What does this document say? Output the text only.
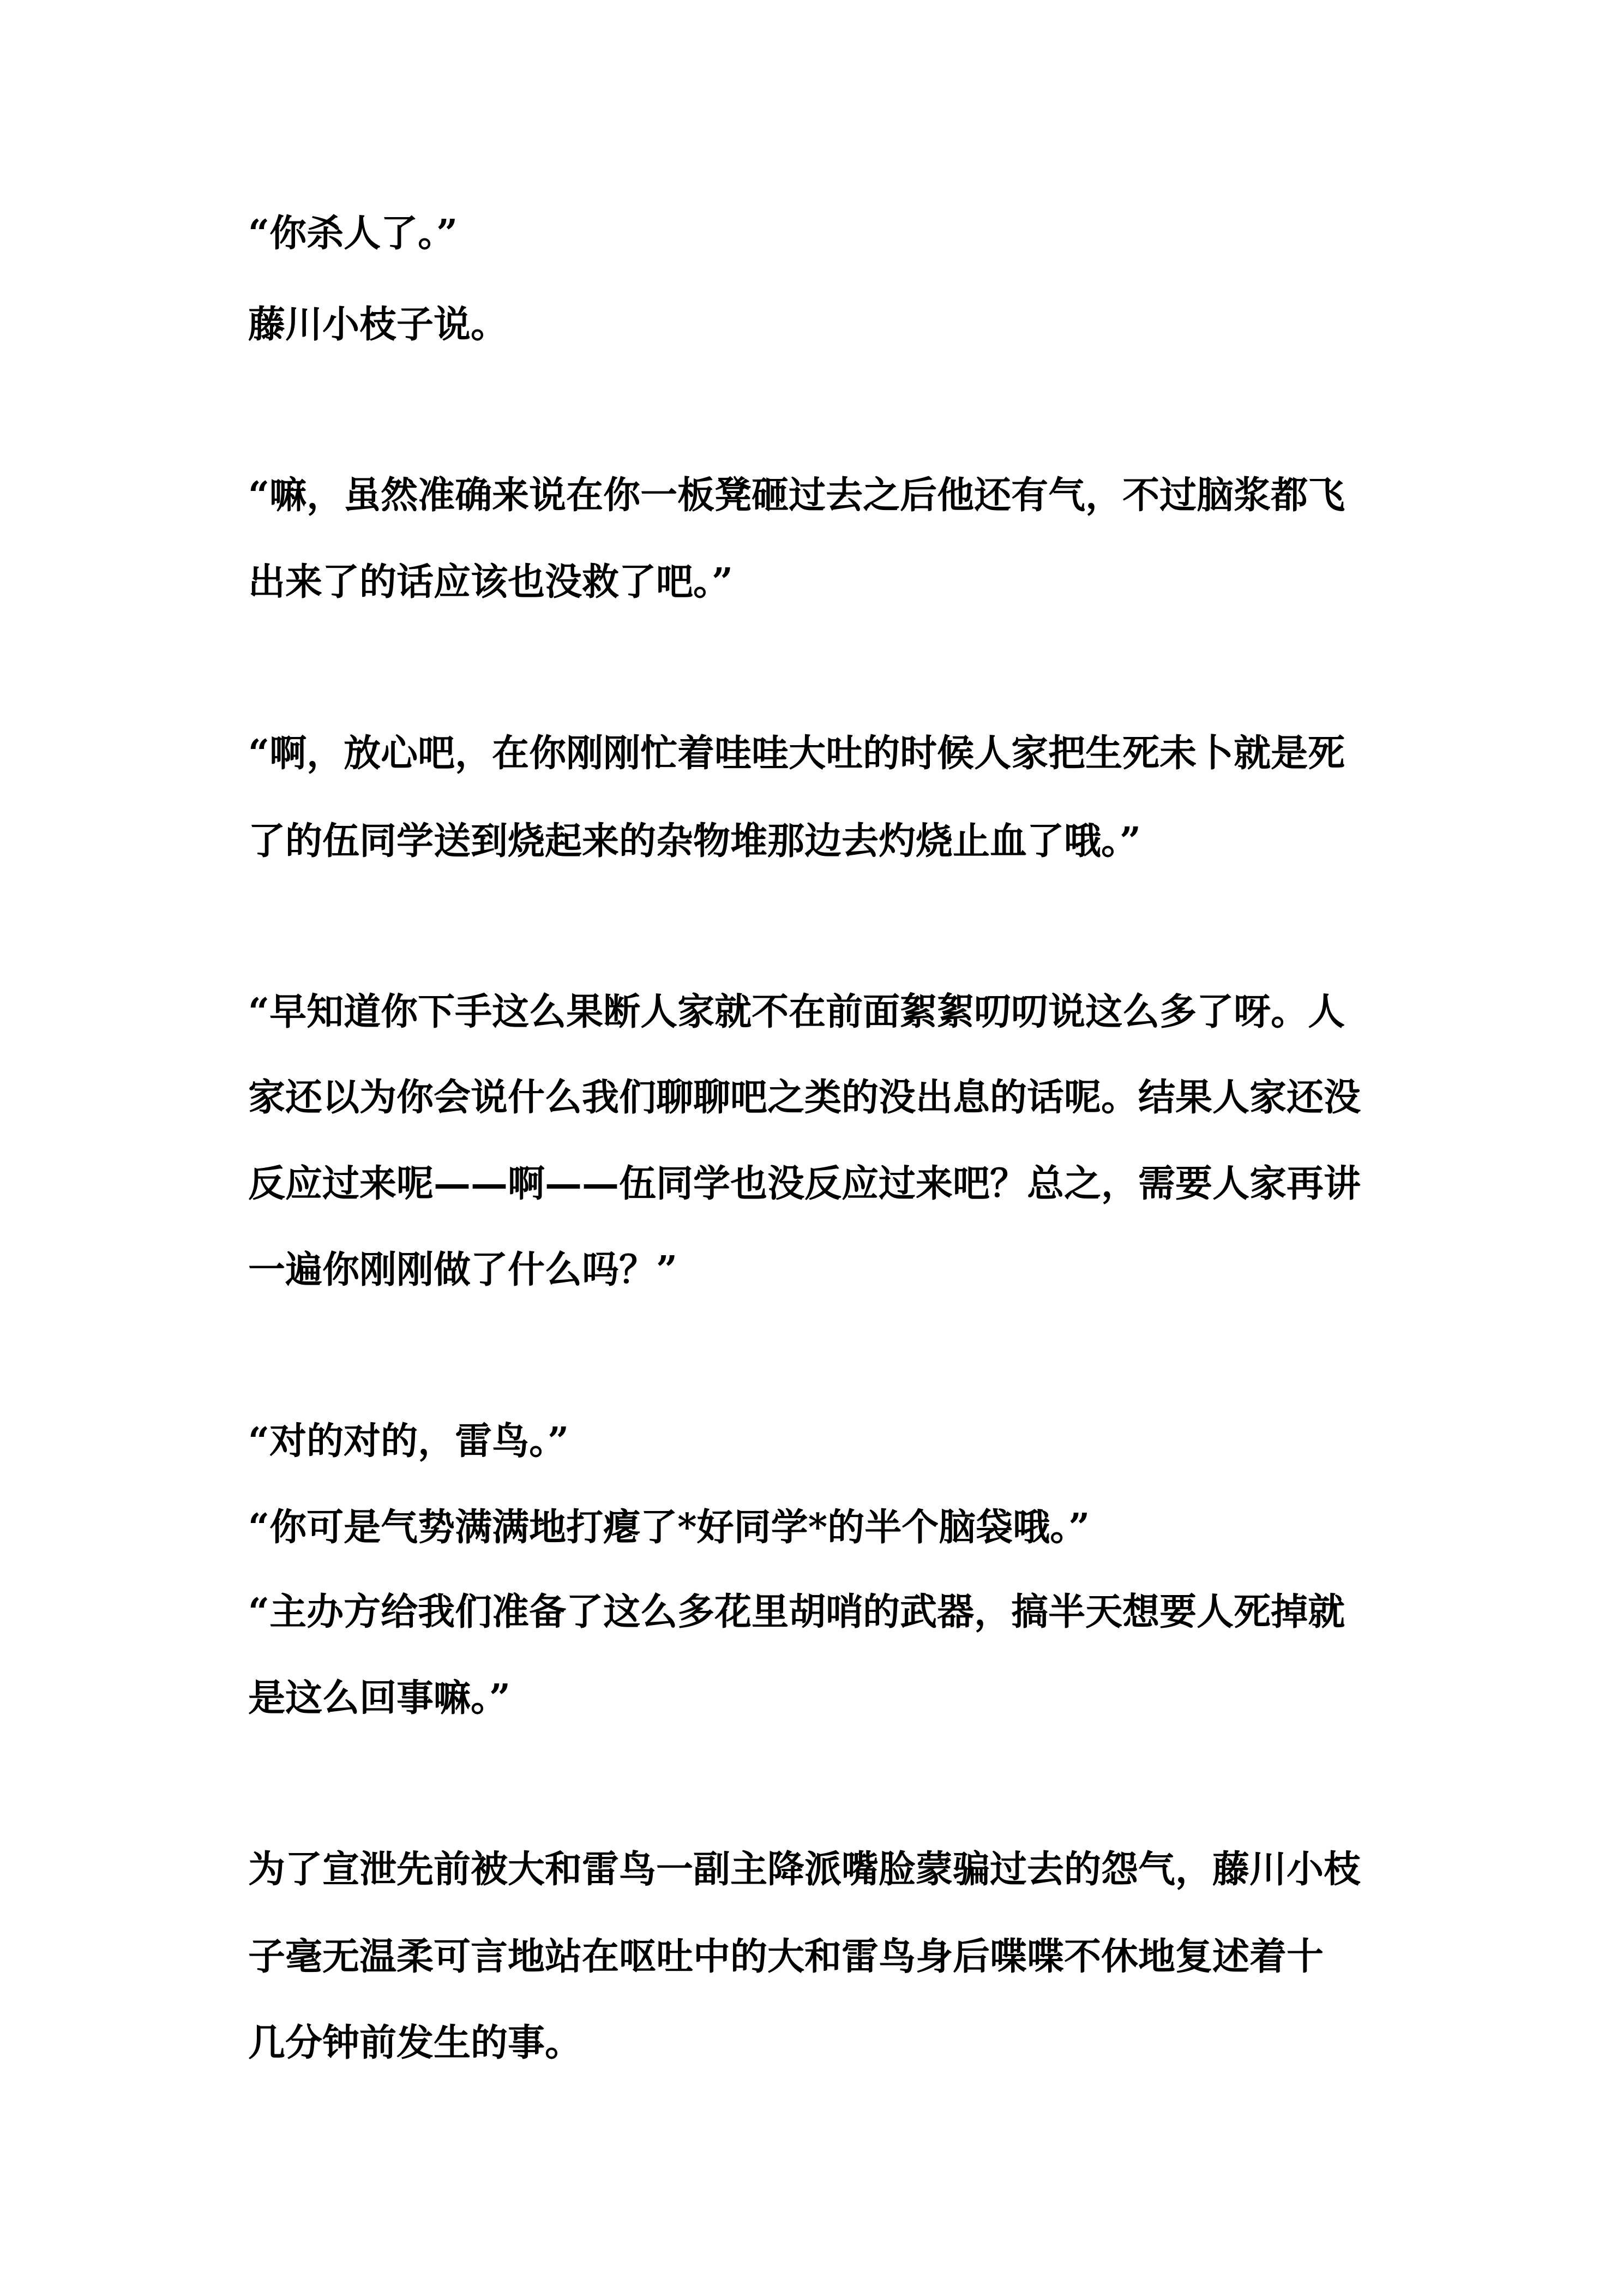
“你杀人了。”
藤川小枝子说。
“嘛，虽然准确来说在你一板凳砸过去之后他还有气，不过脑浆都飞
出来了的话应该也没救了吧。”
“啊，放心吧，在你刚刚忙着哇哇大吐的时候人家把生死未卜就是死
了的伍同学送到烧起来的杂物堆那边去灼烧止血了哦。”
“早知道你下手这么果断人家就不在前面絮絮叨叨说这么多了呀。人
家还以为你会说什么我们聊聊吧之类的没出息的话呢。结果人家还没
反应过来呢——啊——伍同学也没反应过来吧？总之，需要人家再讲
一遍你刚刚做了什么吗？”
“对的对的，雷鸟。”
“你可是气势满满地打瘪了*好同学*的半个脑袋哦。”
“主办方给我们准备了这么多花里胡哨的武器，搞半天想要人死掉就
是这么回事嘛。”
为了宣泄先前被大和雷鸟一副主降派嘴脸蒙骗过去的怨气，藤川小枝
子毫无温柔可言地站在呕吐中的大和雷鸟身后喋喋不休地复述着十
几分钟前发生的事。
